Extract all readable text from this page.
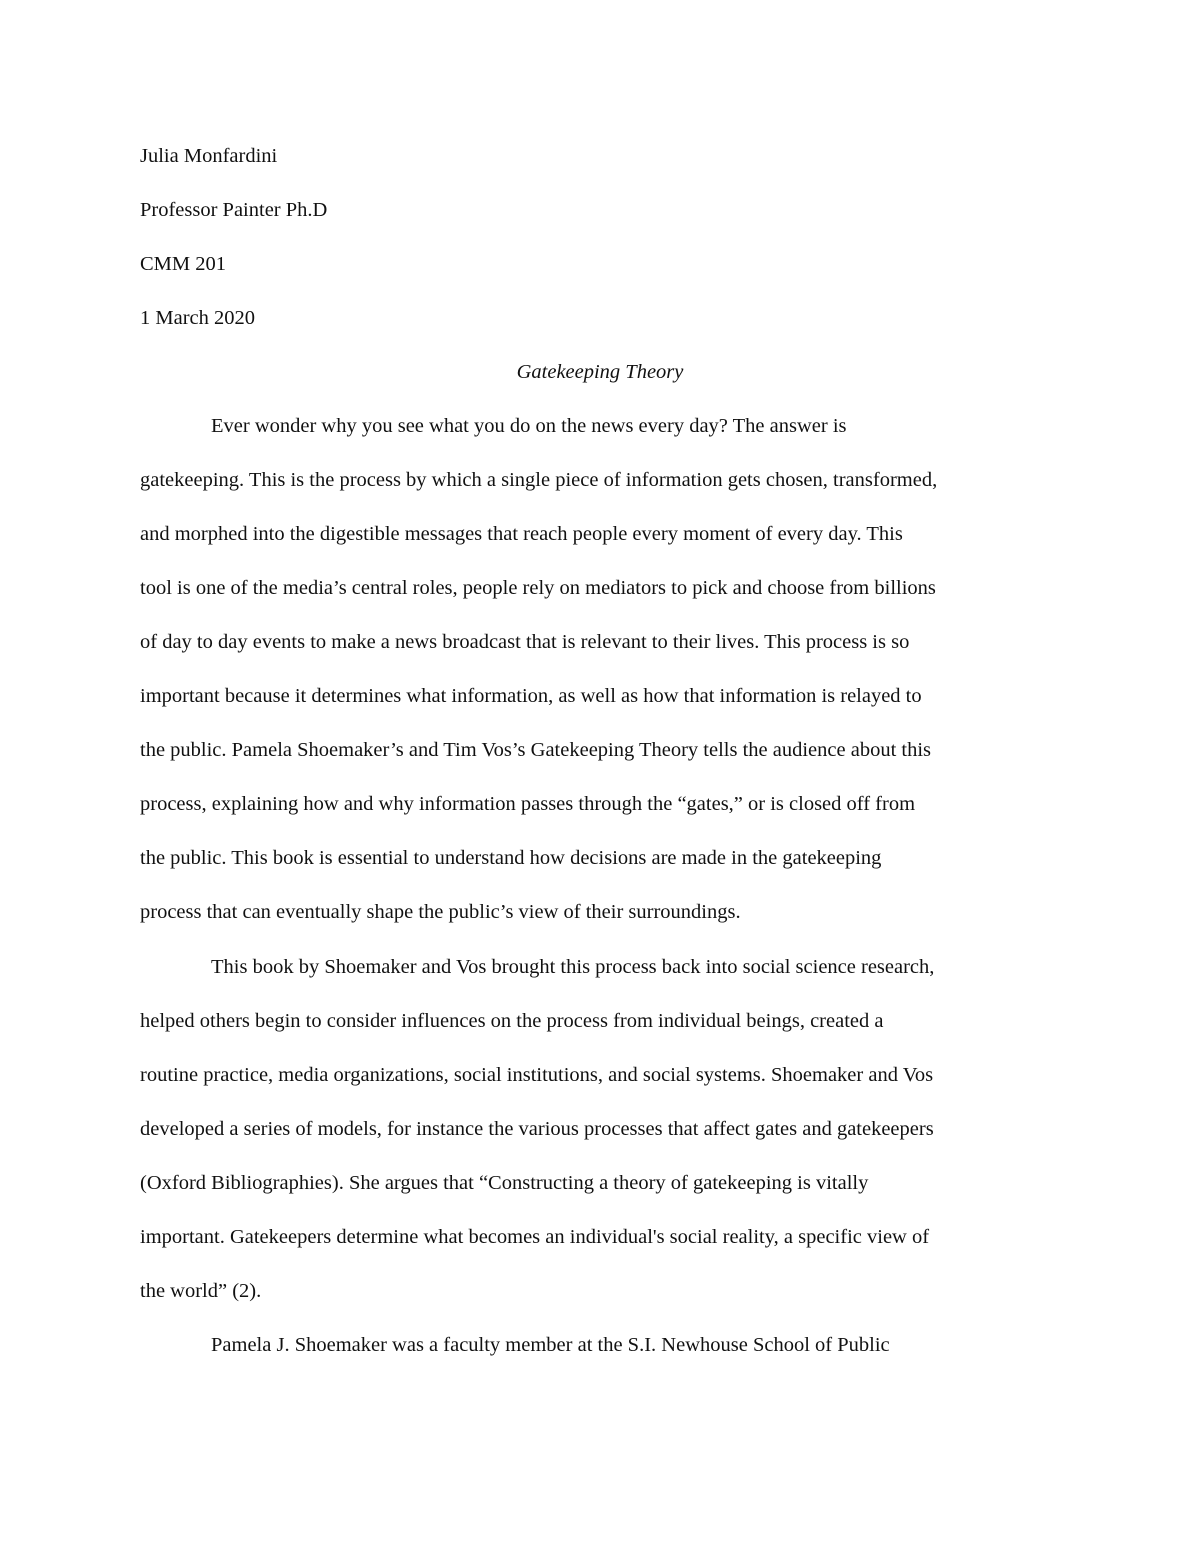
Julia Monfardini
Professor Painter Ph.D
CMM 201
1 March 2020
Gatekeeping Theory
Ever wonder why you see what you do on the news every day? The answer is
gatekeeping. This is the process by which a single piece of information gets chosen, transformed,
and morphed into the digestible messages that reach people every moment of every day. This
tool is one of the media’s central roles, people rely on mediators to pick and choose from billions
of day to day events to make a news broadcast that is relevant to their lives. This process is so
important because it determines what information, as well as how that information is relayed to
the public. Pamela Shoemaker’s and Tim Vos’s Gatekeeping Theory tells the audience about this
process, explaining how and why information passes through the “gates,” or is closed off from
the public. This book is essential to understand how decisions are made in the gatekeeping
process that can eventually shape the public’s view of their surroundings.
This book by Shoemaker and Vos brought this process back into social science research,
helped others begin to consider influences on the process from individual beings, created a
routine practice, media organizations, social institutions, and social systems. Shoemaker and Vos
developed a series of models, for instance the various processes that affect gates and gatekeepers
(Oxford Bibliographies). She argues that “Constructing a theory of gatekeeping is vitally
important. Gatekeepers determine what becomes an individual's social reality, a specific view of
the world” (2).
Pamela J. Shoemaker was a faculty member at the S.I. Newhouse School of Public
